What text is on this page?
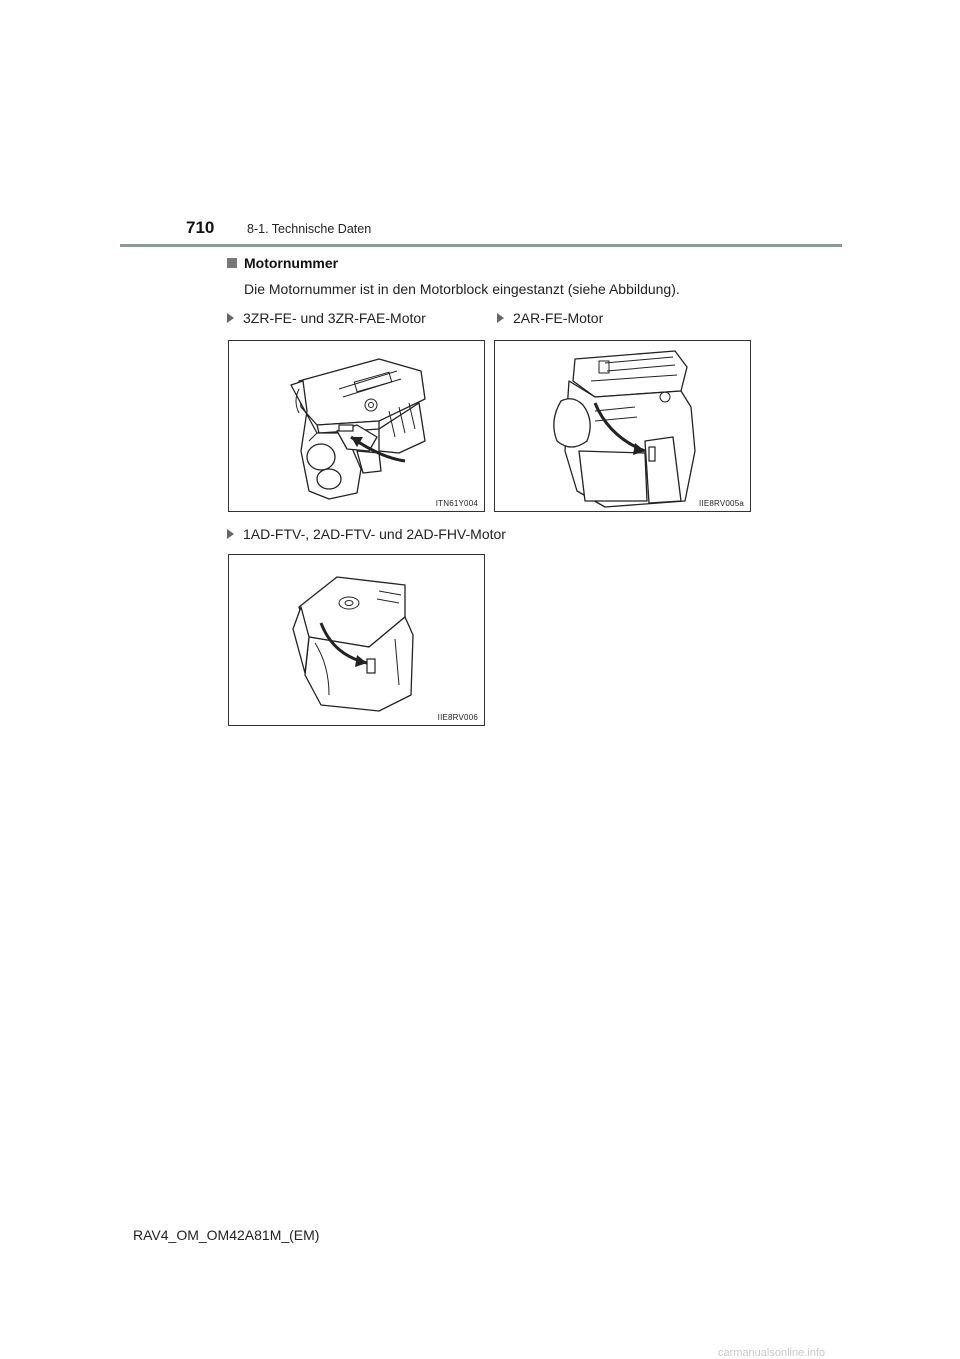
710	8-1. Technische Daten
Motornummer
Die Motornummer ist in den Motorblock eingestanzt (siehe Abbildung).
3ZR-FE- und 3ZR-FAE-Motor
ITN61Y004
2AR-FE-Motor
IIE8RV005a
1AD-FTV-, 2AD-FTV- und 2AD-FHV-Motor
IIE8RV006
RAV4_OM_OM42A81M_(EM)
carmanualsonline.info
